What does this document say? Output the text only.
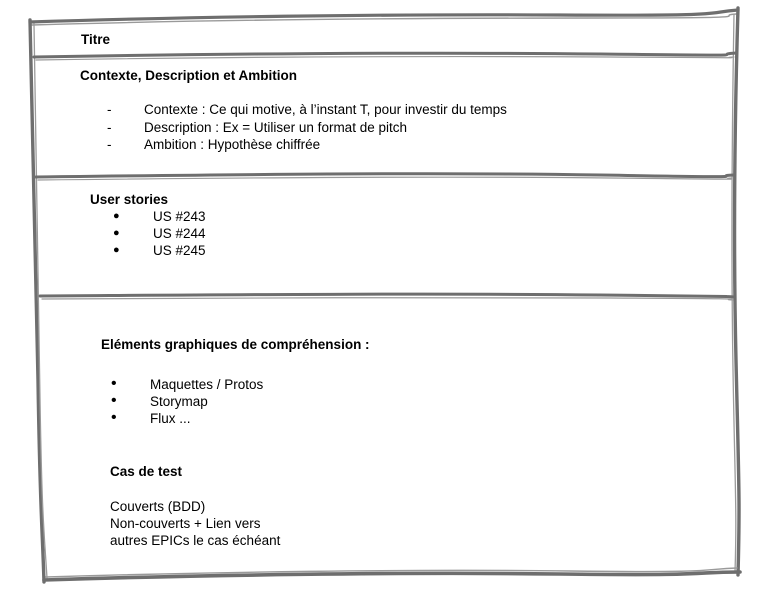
Titre
Contexte, Description et Ambition
- Contexte : Ce qui motive, à l’instant T, pour investir du temps
- Description : Ex = Utiliser un format de pitch
- Ambition : Hypothèse chiffrée
User stories
● US #243
● US #244
● US #245
Eléments graphiques de compréhension :
• Maquettes / Protos
• Storymap
• Flux ...
Cas de test
Couverts (BDD)
Non-couverts + Lien vers
autres EPICs le cas échéant
